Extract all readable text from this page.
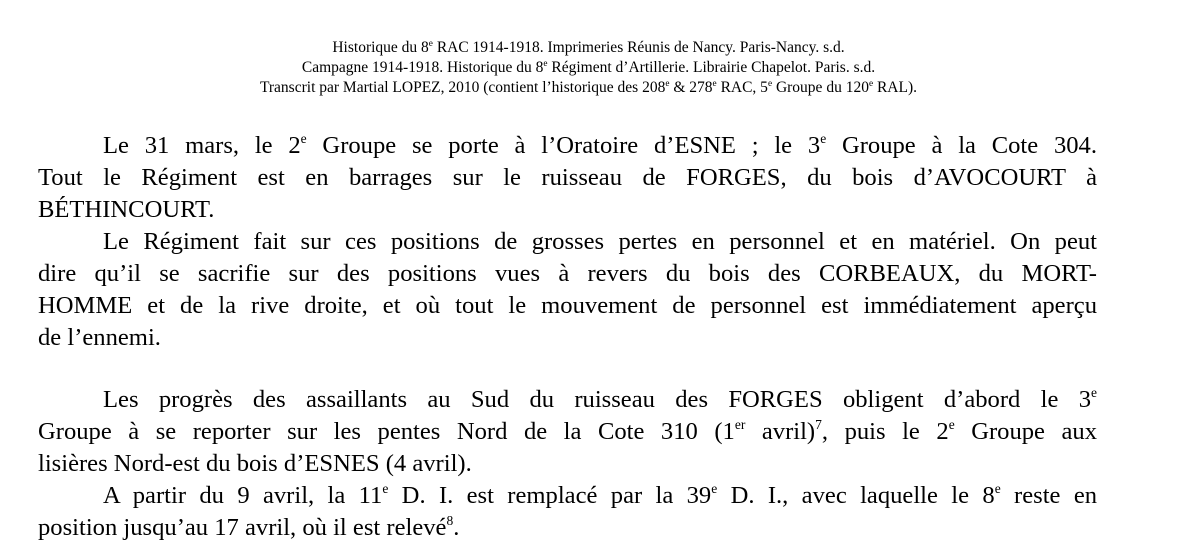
Historique du 8e RAC 1914-1918. Imprimeries Réunis de Nancy. Paris-Nancy. s.d.
Campagne 1914-1918. Historique du 8e Régiment d’Artillerie. Librairie Chapelot. Paris. s.d.
Transcrit par Martial LOPEZ, 2010 (contient l’historique des 208e & 278e RAC, 5e Groupe du 120e RAL).

Le 31 mars, le 2e Groupe se porte à l’Oratoire d’ESNE ; le 3e Groupe à la Cote 304.
Tout le Régiment est en barrages sur le ruisseau de FORGES, du bois d’AVOCOURT à
BÉTHINCOURT.

Le Régiment fait sur ces positions de grosses pertes en personnel et en matériel. On peut
dire qu’il se sacrifie sur des positions vues à revers du bois des CORBEAUX, du MORT-
HOMME et de la rive droite, et où tout le mouvement de personnel est immédiatement aperçu
de l’ennemi.

Les progrès des assaillants au Sud du ruisseau des FORGES obligent d’abord le 3e
Groupe à se reporter sur les pentes Nord de la Cote 310 (1er avril)$^7$, puis le 2e Groupe aux
lisières Nord-est du bois d’ESNES (4 avril).

A partir du 9 avril, la 11e D. I. est remplacé par la 39e D. I., avec laquelle le 8e reste en
position jusqu’au 17 avril, où il est relevé$^8$.
